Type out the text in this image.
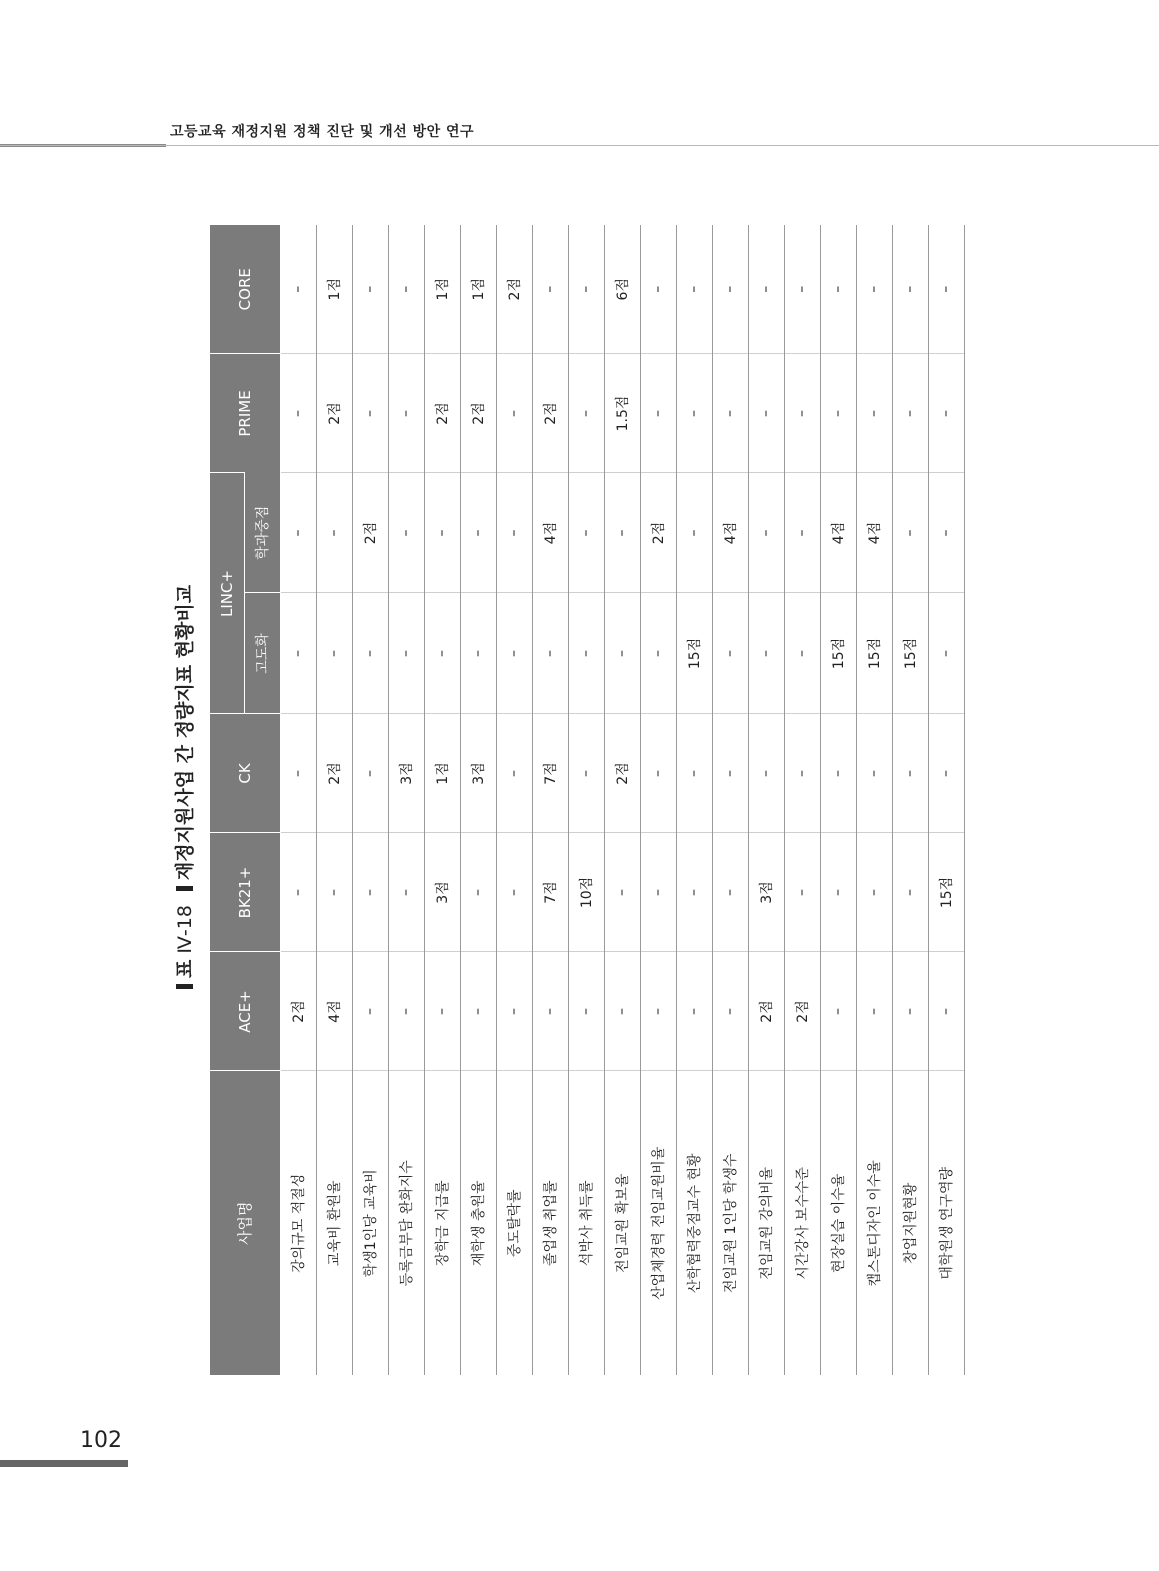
고등교육 재정지원 정책 진단 및 개선 방안 연구
표Ⅳ-18재정지원사업 간 정량지표 현황비교
사업명	ACE+	BK21+	CK	LINC+		PRIME	CORE
				고도화	학과중점		
강의규모 적절성	2점	–	–	–	–	–	–
교육비 환원율	4점	–	2점	–	–	2점	1점
학생1인당 교육비	–	–	–	–	2점	–	–
등록금부담 완화지수	–	–	3점	–	–	–	–
장학금 지급률	–	3점	1점	–	–	2점	1점
재학생 충원율	–	–	3점	–	–	2점	1점
중도탈락률	–	–	–	–	–	–	2점
졸업생 취업률	–	7점	7점	–	4점	2점	–
석박사 취득률	–	10점	–	–	–	–	–
전임교원 확보율	–	–	2점	–	–	1.5점	6점
산업체경력 전임교원비율	–	–	–	–	2점	–	–
산학협력중점교수 현황	–	–	–	15점	–	–	–
전임교원 1인당 학생수	–	–	–	–	4점	–	–
전임교원 강의비율	2점	3점	–	–	–	–	–
시간강사 보수수준	2점	–	–	–	–	–	–
현장실습 이수율	–	–	–	15점	4점	–	–
캡스톤디자인 이수율	–	–	–	15점	4점	–	–
창업지원현황	–	–	–	15점	–	–	–
대학원생 연구역량	–	15점	–	–	–	–	–
102
